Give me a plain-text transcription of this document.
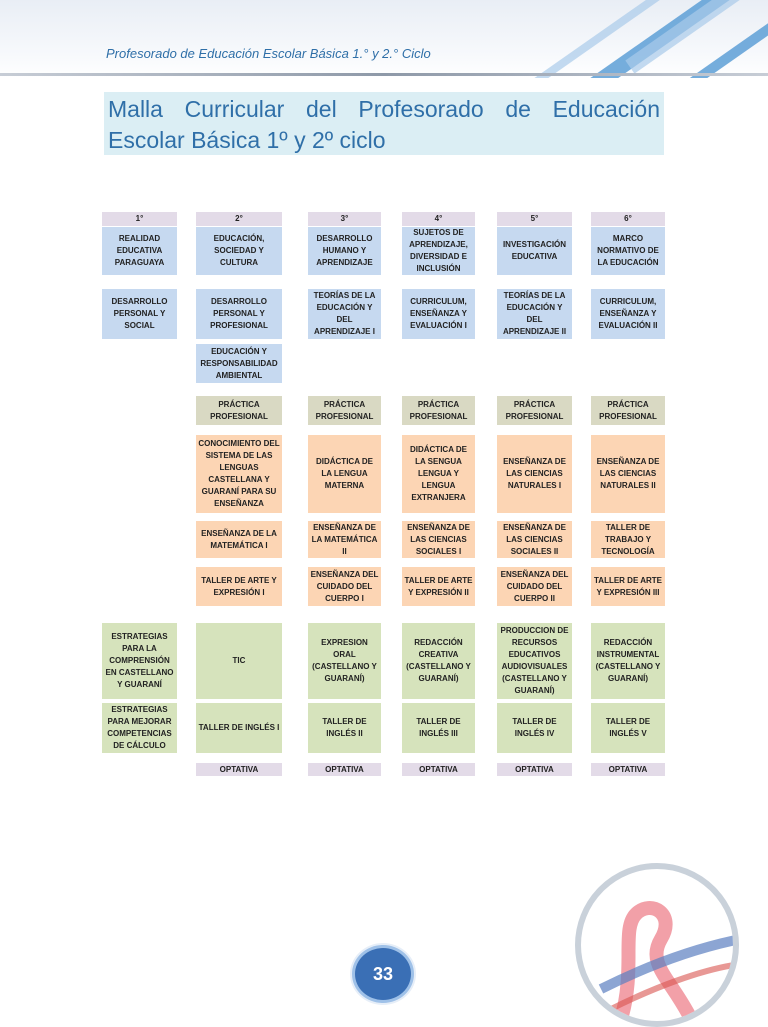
Profesorado de Educación Escolar Básica 1.° y 2.° Ciclo
Malla Curricular del Profesorado de Educación Escolar Básica 1º y 2º ciclo
1°
REALIDAD EDUCATIVA PARAGUAYA
DESARROLLO PERSONAL Y SOCIAL
ESTRATEGIAS PARA LA COMPRENSIÓN EN CASTELLANO Y GUARANÍ
ESTRATEGIAS PARA MEJORAR COMPETENCIAS DE CÁLCULO
2°
EDUCACIÓN, SOCIEDAD Y CULTURA
DESARROLLO PERSONAL Y PROFESIONAL
EDUCACIÓN Y RESPONSABILIDAD AMBIENTAL
PRÁCTICA PROFESIONAL
CONOCIMIENTO DEL SISTEMA DE LAS LENGUAS CASTELLANA Y GUARANÍ PARA SU ENSEÑANZA
ENSEÑANZA DE LA MATEMÁTICA I
TALLER DE ARTE Y EXPRESIÓN I
TIC
TALLER DE INGLÉS I
OPTATIVA
3°
DESARROLLO HUMANO Y APRENDIZAJE
TEORÍAS DE LA EDUCACIÓN Y DEL APRENDIZAJE I
PRÁCTICA PROFESIONAL
DIDÁCTICA DE LA LENGUA MATERNA
ENSEÑANZA DE LA MATEMÁTICA II
ENSEÑANZA DEL CUIDADO DEL CUERPO I
EXPRESION ORAL (CASTELLANO Y GUARANÍ)
TALLER DE INGLÉS II
OPTATIVA
4°
SUJETOS DE APRENDIZAJE, DIVERSIDAD E INCLUSIÓN
CURRICULUM, ENSEÑANZA Y EVALUACIÓN I
PRÁCTICA PROFESIONAL
DIDÁCTICA DE LA SENGUA LENGUA Y LENGUA EXTRANJERA
ENSEÑANZA DE LAS CIENCIAS SOCIALES I
TALLER DE ARTE Y EXPRESIÓN II
REDACCIÓN CREATIVA (CASTELLANO Y GUARANÍ)
TALLER DE INGLÉS III
OPTATIVA
5°
INVESTIGACIÓN EDUCATIVA
TEORÍAS DE LA EDUCACIÓN Y DEL APRENDIZAJE II
PRÁCTICA PROFESIONAL
ENSEÑANZA DE LAS CIENCIAS NATURALES I
ENSEÑANZA DE LAS CIENCIAS SOCIALES II
ENSEÑANZA DEL CUIDADO DEL CUERPO II
PRODUCCION DE RECURSOS EDUCATIVOS AUDIOVISUALES (CASTELLANO Y GUARANÍ)
TALLER DE INGLÉS IV
OPTATIVA
6°
MARCO NORMATIVO DE LA EDUCACIÓN
CURRICULUM, ENSEÑANZA Y EVALUACIÓN II
PRÁCTICA PROFESIONAL
ENSEÑANZA DE LAS CIENCIAS NATURALES II
TALLER DE TRABAJO Y TECNOLOGÍA
TALLER DE ARTE Y EXPRESIÓN III
REDACCIÓN INSTRUMENTAL (CASTELLANO Y GUARANÍ)
TALLER DE INGLÉS V
OPTATIVA
33
